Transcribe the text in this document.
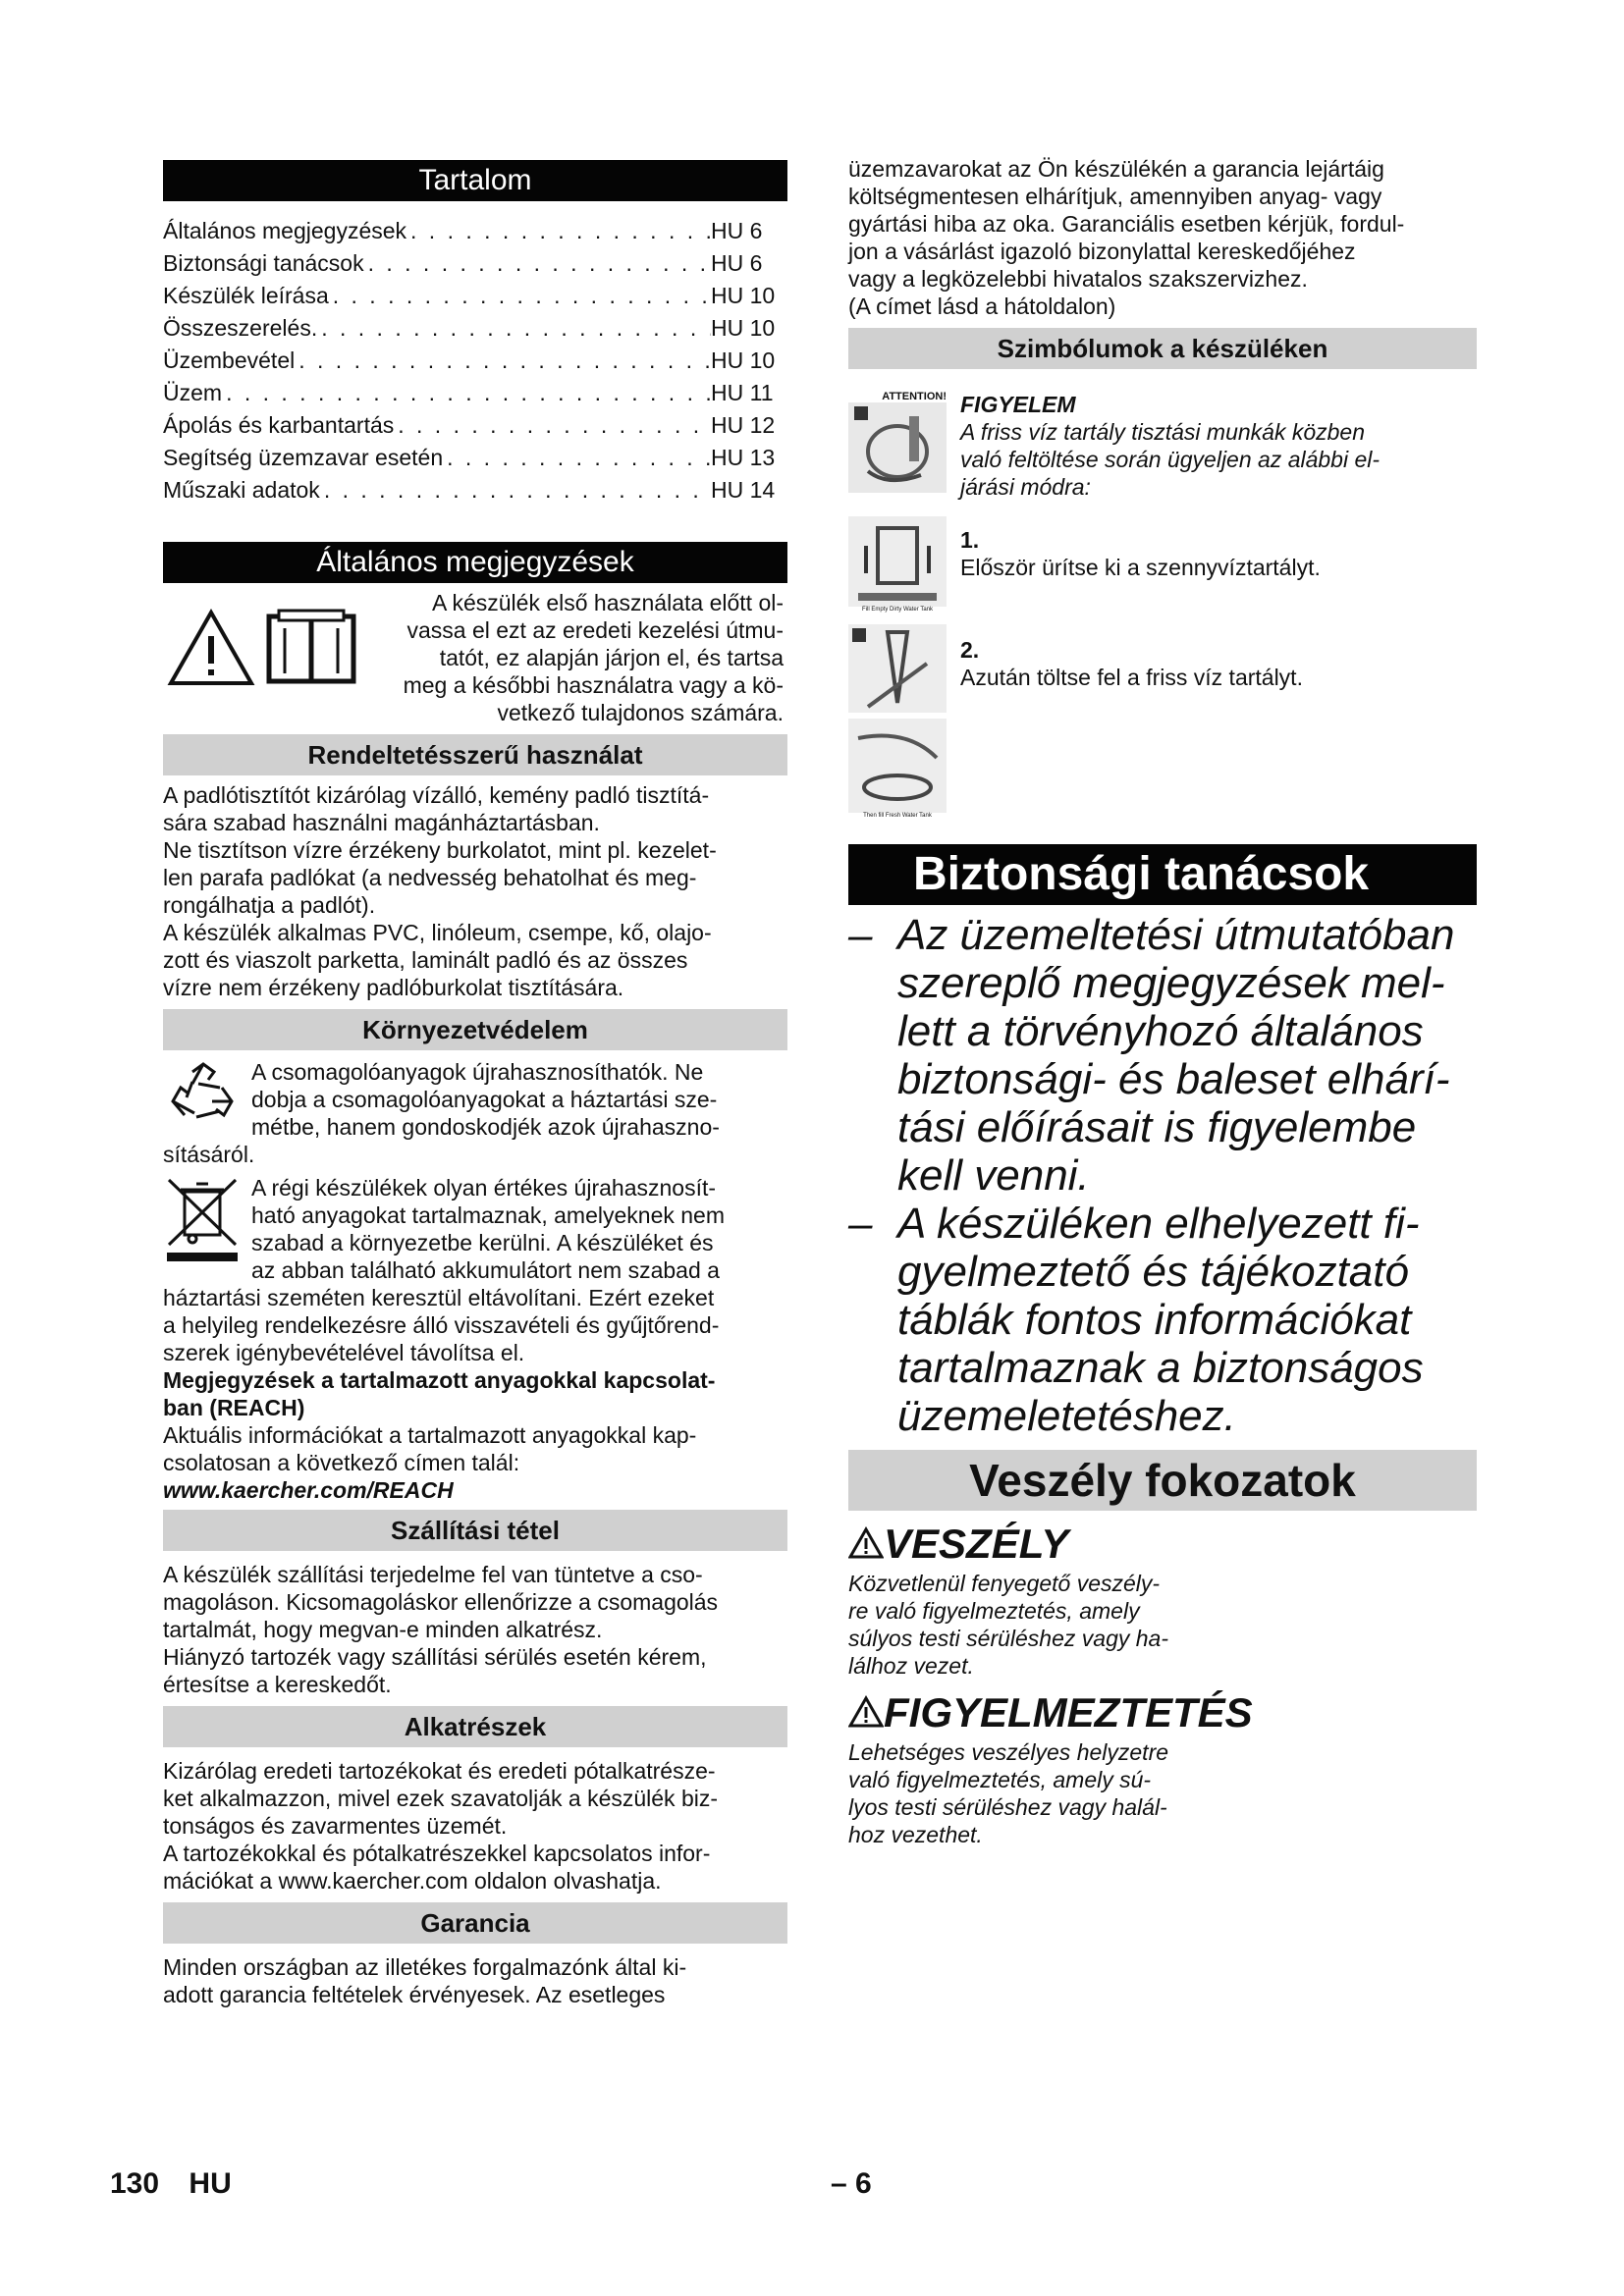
Tartalom
Általános megjegyzések . . .	HU 6
Biztonsági tanácsok . . .	HU 6
Készülék leírása . . .	HU 10
Összeszerelés. . . .	HU 10
Üzembevétel . . .	HU 10
Üzem . . .	HU 11
Ápolás és karbantartás . . .	HU 12
Segítség üzemzavar esetén . . .	HU 13
Műszaki adatok . . .	HU 14
Általános megjegyzések

A készülék első használata előtt ol-

vassa el ezt az eredeti kezelési útmu-

tatót, ez alapján járjon el, és tartsa

meg a későbbi használatra vagy a kö-

vetkező tulajdonos számára.

Rendeltetésszerű használat

A padlótisztítót kizárólag vízálló, kemény padló tisztítá-

sára szabad használni magánháztartásban.

Ne tisztítson vízre érzékeny burkolatot, mint pl. kezelet-

len parafa padlókat (a nedvesség behatolhat és meg-

rongálhatja a padlót).

A készülék alkalmas PVC, linóleum, csempe, kő, olajo-

zott és viaszolt parketta, laminált padló és az összes

vízre nem érzékeny padlóburkolat tisztítására.

Környezetvédelem

A csomagolóanyagok újrahasznosíthatók. Ne

dobja a csomagolóanyagokat a háztartási sze-

métbe, hanem gondoskodjék azok újrahaszno-

sításáról.

A régi készülékek olyan értékes újrahasznosít-

ható anyagokat tartalmaznak, amelyeknek nem

szabad a környezetbe kerülni. A készüléket és

az abban található akkumulátort nem szabad a

háztartási szeméten keresztül eltávolítani. Ezért ezeket

a helyileg rendelkezésre álló visszavételi és gyűjtőrend-

szerek igénybevételével távolítsa el.

Megjegyzések a tartalmazott anyagokkal kapcsolat-

ban (REACH)

Aktuális információkat a tartalmazott anyagokkal kap-

csolatosan a következő címen talál:

www.kaercher.com/REACH

Szállítási tétel

A készülék szállítási terjedelme fel van tüntetve a cso-

magoláson. Kicsomagoláskor ellenőrizze a csomagolás

tartalmát, hogy megvan-e minden alkatrész.

Hiányzó tartozék vagy szállítási sérülés esetén kérem,

értesítse a kereskedőt.

Alkatrészek

Kizárólag eredeti tartozékokat és eredeti pótalkatrésze-

ket alkalmazzon, mivel ezek szavatolják a készülék biz-

tonságos és zavarmentes üzemét.

A tartozékokkal és pótalkatrészekkel kapcsolatos infor-

mációkat a www.kaercher.com oldalon olvashatja.

Garancia

Minden országban az illetékes forgalmazónk által ki-

adott garancia feltételek érvényesek. Az esetleges

üzemzavarokat az Ön készülékén a garancia lejártáig

költségmentesen elhárítjuk, amennyiben anyag- vagy

gyártási hiba az oka. Garanciális esetben kérjük, fordul-

jon a vásárlást igazoló bizonylattal kereskedőjéhez

vagy a legközelebbi hivatalos szakszervizhez.

(A címet lásd a hátoldalon)

Szimbólumok a készüléken
ATTENTION! FIGYELEM

A friss víz tartály tisztási munkák közben

való feltöltése során ügyeljen az alábbi el-

járási módra:

Fill Empty Dirty Water Tank

1.

Először ürítse ki a szennyvíztartályt.

Then fill Fresh Water Tank

2.

Azután töltse fel a friss víz tartályt.

Biztonsági tanácsok
– Az üzemeltetési útmutatóban
szereplő megjegyzések mel-
lett a törvényhozó általános
biztonsági- és baleset elhárí-
tási előírásait is figyelembe
kell venni.
– A készüléken elhelyezett fi-
gyelmeztető és tájékoztató
táblák fontos információkat
tartalmaznak a biztonságos
üzemeletetéshez.
Veszély fokozatok
VESZÉLY

Közvetlenül fenyegető veszély-

re való figyelmeztetés, amely

súlyos testi sérüléshez vagy ha-

lálhoz vezet.

FIGYELMEZTETÉS

Lehetséges veszélyes helyzetre

való figyelmeztetés, amely sú-

lyos testi sérüléshez vagy halál-

hoz vezethet.

130 HU	– 6
